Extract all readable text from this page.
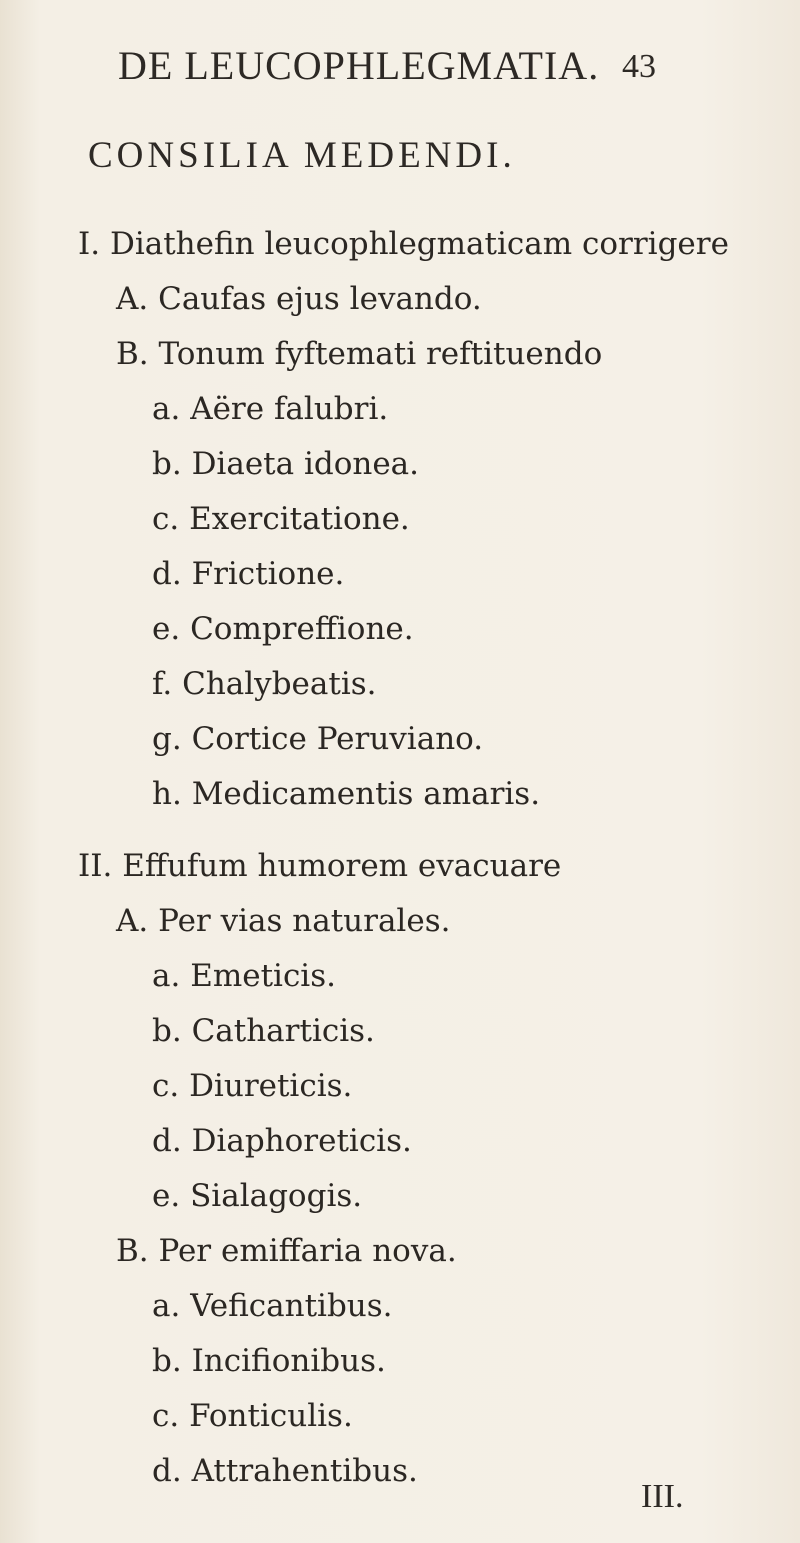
DE LEUCOPHLEGMATIA. 43
CONSILIA MEDENDI.
I. Diathefin leucophlegmaticam corrigere
A. Caufas ejus levando.
B. Tonum fyftemati reftituendo
a. Aëre falubri.
b. Diaeta idonea.
c. Exercitatione.
d. Frictione.
e. Compreffione.
f. Chalybeatis.
g. Cortice Peruviano.
h. Medicamentis amaris.
II. Effufum humorem evacuare
A. Per vias naturales.
a. Emeticis.
b. Catharticis.
c. Diureticis.
d. Diaphoreticis.
e. Sialagogis.
B. Per emiffaria nova.
a. Veficantibus.
b. Incifionibus.
c. Fonticulis.
d. Attrahentibus.
III.
